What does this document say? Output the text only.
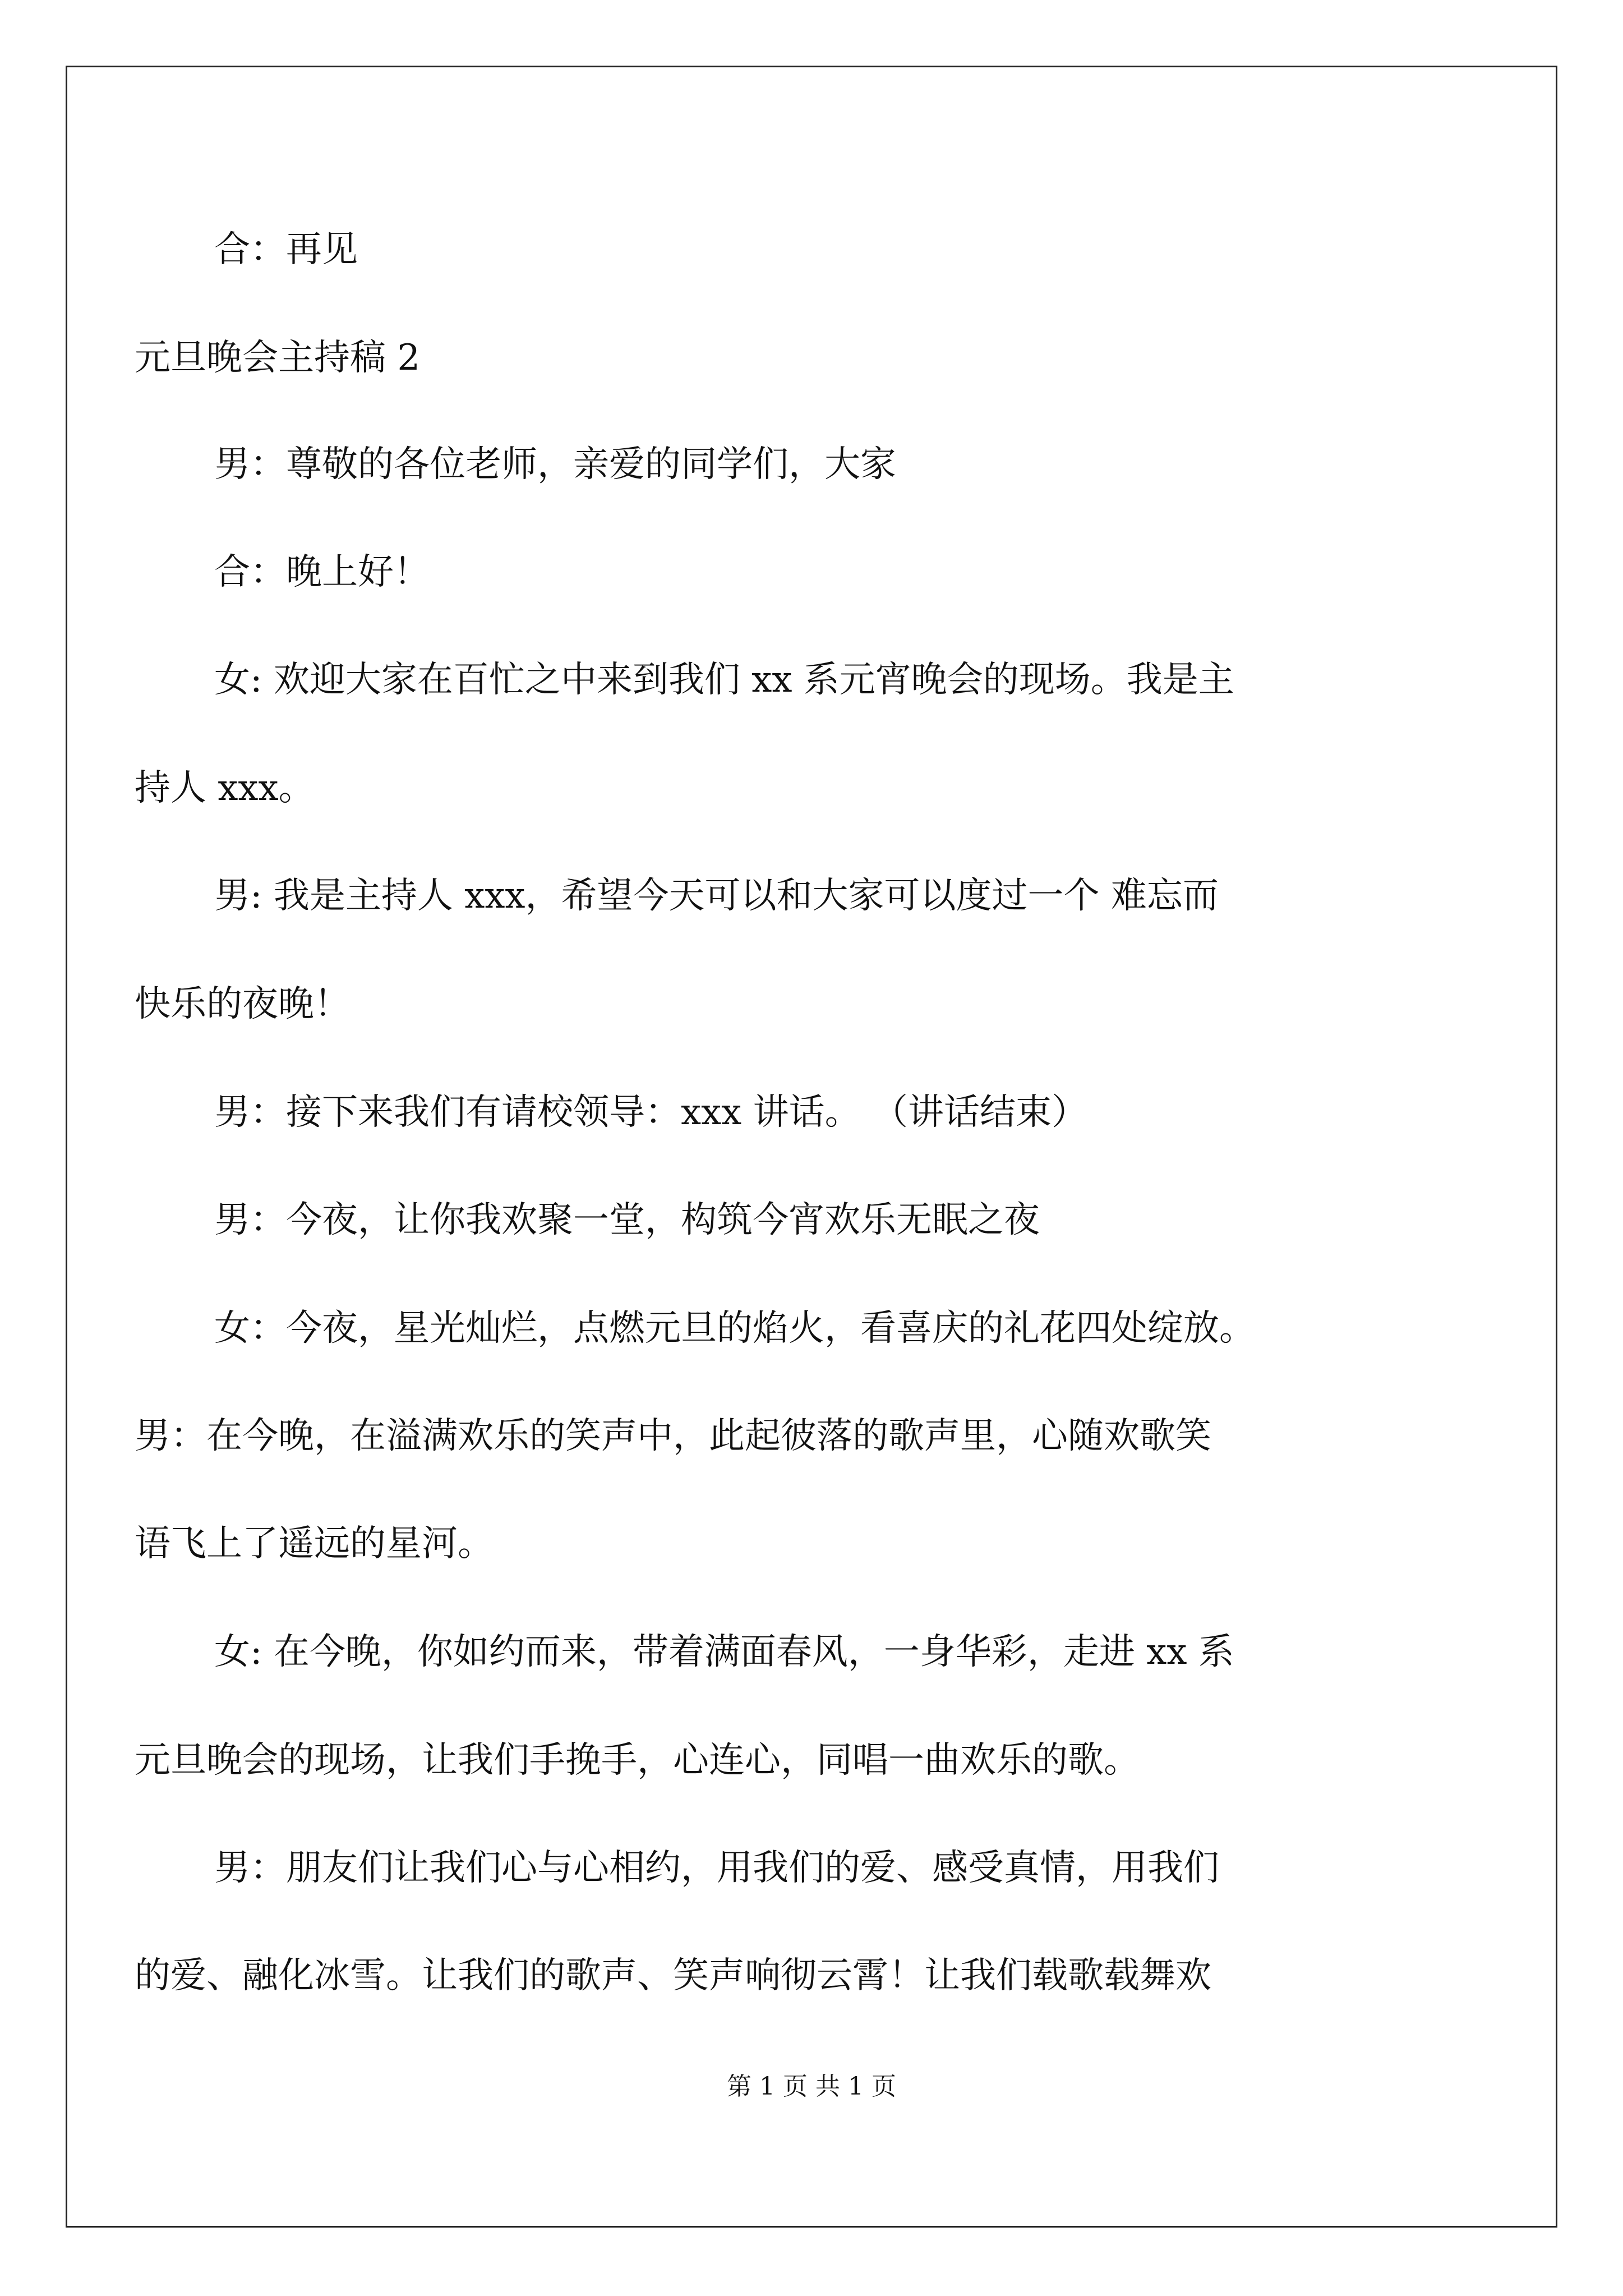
合：再见
元旦晚会主持稿 2
男：尊敬的各位老师，亲爱的同学们，大家
合：晚上好！
女: 欢迎大家在百忙之中来到我们 xx 系元宵晚会的现场。我是主
持人 xxx。
男: 我是主持人 xxx，希望今天可以和大家可以度过一个 难忘而
快乐的夜晚！
男：接下来我们有请校领导：xxx 讲话。 （讲话结束）
男：今夜，让你我欢聚一堂，构筑今宵欢乐无眠之夜
女：今夜，星光灿烂，点燃元旦的焰火，看喜庆的礼花四处绽放。
男：在今晚，在溢满欢乐的笑声中，此起彼落的歌声里，心随欢歌笑
语飞上了遥远的星河。
女: 在今晚，你如约而来，带着满面春风，一身华彩，走进 xx 系
元旦晚会的现场，让我们手挽手，心连心，同唱一曲欢乐的歌。
男：朋友们让我们心与心相约，用我们的爱、感受真情，用我们
的爱、融化冰雪。让我们的歌声、笑声响彻云霄！让我们载歌载舞欢
第 1 页 共 1 页
